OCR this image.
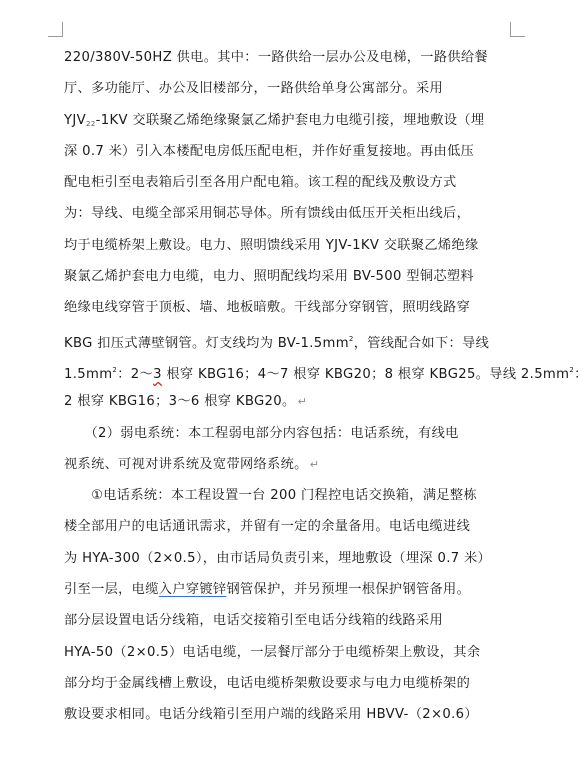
220/380V-50HZ 供电。其中：一路供给一层办公及电梯，一路供给餐
厅、多功能厅、办公及旧楼部分，一路供给单身公寓部分。采用
$YJV_{22}-1KV$ 交联聚乙烯绝缘聚氯乙烯护套电力电缆引接，埋地敷设（埋
深 0.7 米）引入本楼配电房低压配电柜，并作好重复接地。再由低压
配电柜引至电表箱后引至各用户配电箱。该工程的配线及敷设方式
为：导线、电缆全部采用铜芯导体。所有馈线由低压开关柜出线后，
均于电缆桥架上敷设。电力、照明馈线采用 YJV-1KV 交联聚乙烯绝缘
聚氯乙烯护套电力电缆，电力、照明配线均采用 BV-500 型铜芯塑料
绝缘电线穿管于顶板、墙、地板暗敷。干线部分穿钢管，照明线路穿
KBG 扣压式薄壁钢管。灯支线均为 $BV-1.5mm^2$，管线配合如下：导线
$1.5mm^2$：2～3 根穿 KBG16；4～7 根穿 KBG20；8 根穿 KBG25。导线 $2.5mm^2$：
2 根穿 KBG16；3～6 根穿 KBG20。 ↵
　　（2）弱电系统：本工程弱电部分内容包括：电话系统，有线电
视系统、可视对讲系统及宽带网络系统。 ↵
　　①电话系统：本工程设置一台 200 门程控电话交换箱，满足整栋
楼全部用户的电话通讯需求，并留有一定的余量备用。电话电缆进线
为 HYA-300（2×0.5），由市话局负责引来，埋地敷设（埋深 0.7 米）
引至一层，电缆入户穿镀锌钢管保护，并另预埋一根保护钢管备用。
部分层设置电话分线箱，电话交接箱引至电话分线箱的线路采用
HYA-50（2×0.5）电话电缆，一层餐厅部分于电缆桥架上敷设，其余
部分均于金属线槽上敷设，电话电缆桥架敷设要求与电力电缆桥架的
敷设要求相同。电话分线箱引至用户端的线路采用 HBVV-（2×0.6）
